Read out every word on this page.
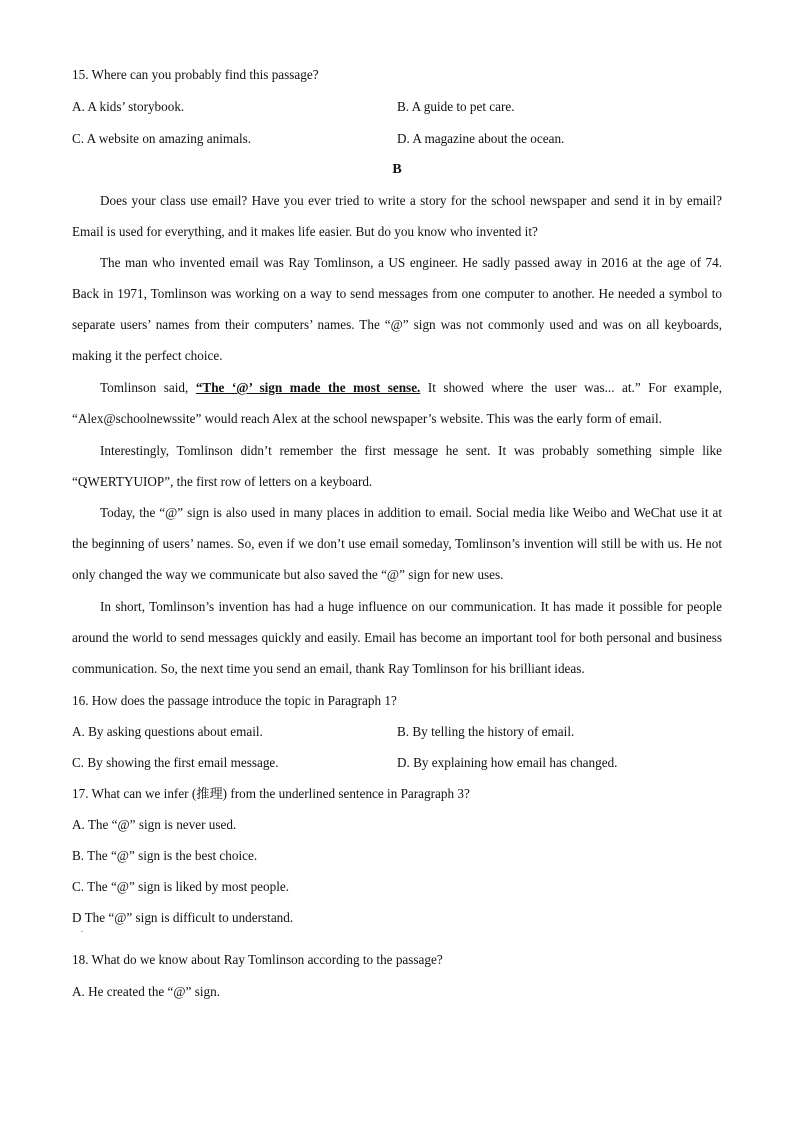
15. Where can you probably find this passage?
A. A kids’ storybook.	B. A guide to pet care.
C. A website on amazing animals.	D. A magazine about the ocean.
B
Does your class use email? Have you ever tried to write a story for the school newspaper and send it in by email? Email is used for everything, and it makes life easier. But do you know who invented it?
The man who invented email was Ray Tomlinson, a US engineer. He sadly passed away in 2016 at the age of 74. Back in 1971, Tomlinson was working on a way to send messages from one computer to another. He needed a symbol to separate users’ names from their computers’ names. The “@” sign was not commonly used and was on all keyboards, making it the perfect choice.
Tomlinson said, “The ‘@’ sign made the most sense. It showed where the user was... at.” For example, “Alex@schoolnewssite” would reach Alex at the school newspaper’s website. This was the early form of email.
Interestingly, Tomlinson didn’t remember the first message he sent. It was probably something simple like “QWERTYUIOP”, the first row of letters on a keyboard.
Today, the “@” sign is also used in many places in addition to email. Social media like Weibo and WeChat use it at the beginning of users’ names. So, even if we don’t use email someday, Tomlinson’s invention will still be with us. He not only changed the way we communicate but also saved the “@” sign for new uses.
In short, Tomlinson’s invention has had a huge influence on our communication. It has made it possible for people around the world to send messages quickly and easily. Email has become an important tool for both personal and business communication. So, the next time you send an email, thank Ray Tomlinson for his brilliant ideas.
16. How does the passage introduce the topic in Paragraph 1?
A. By asking questions about email.	B. By telling the history of email.
C. By showing the first email message.	D. By explaining how email has changed.
17. What can we infer (推理) from the underlined sentence in Paragraph 3?
A. The “@” sign is never used.
B. The “@” sign is the best choice.
C. The “@” sign is liked by most people.
D The “@” sign is difficult to understand.
.
18. What do we know about Ray Tomlinson according to the passage?
A. He created the “@” sign.
